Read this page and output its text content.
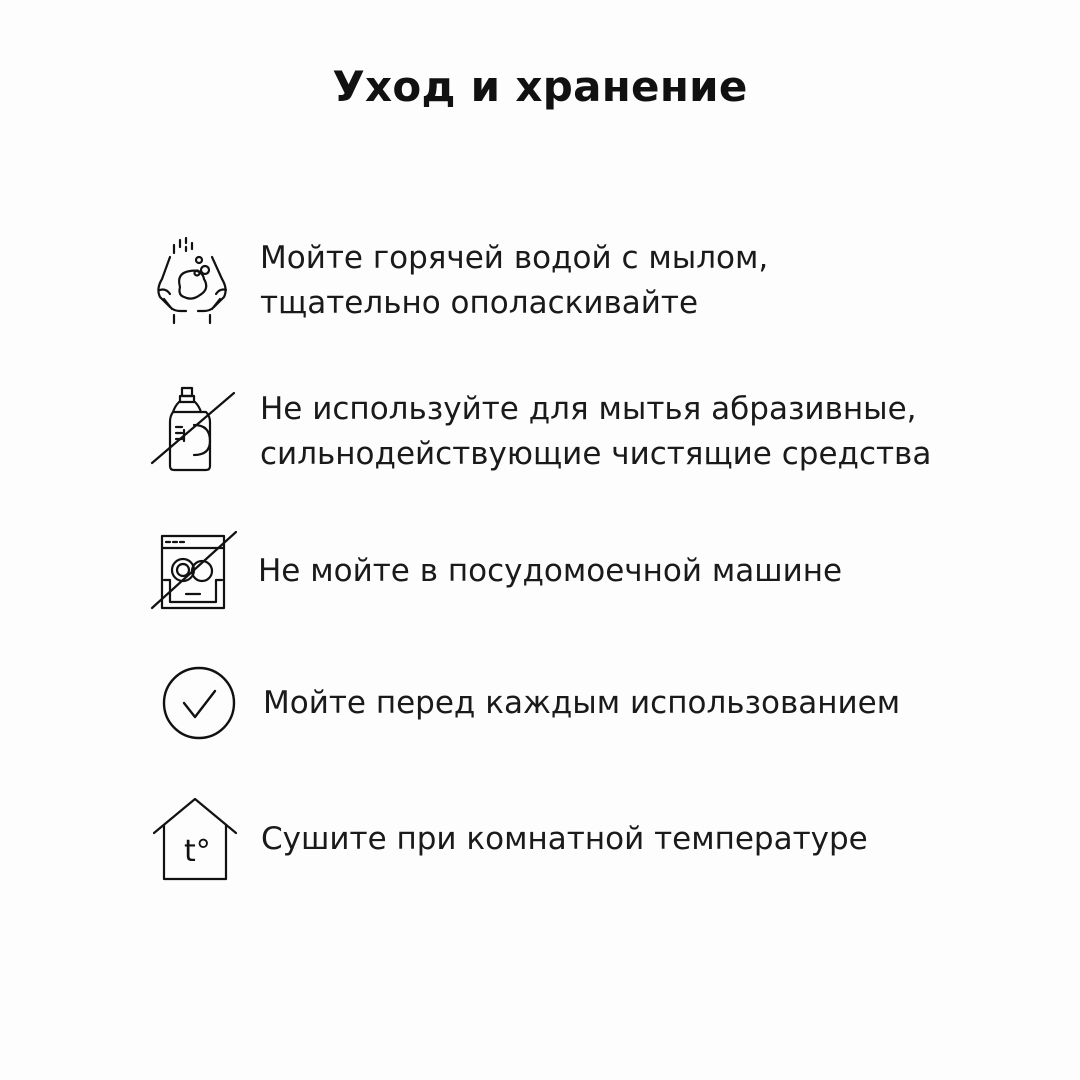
Уход и хранение
Мойте горячей водой с мылом,
тщательно ополаскивайте
Не используйте для мытья абразивные,
сильнодействующие чистящие средства
Не мойте в посудомоечной машине
Мойте перед каждым использованием
t° Сушите при комнатной температуре
